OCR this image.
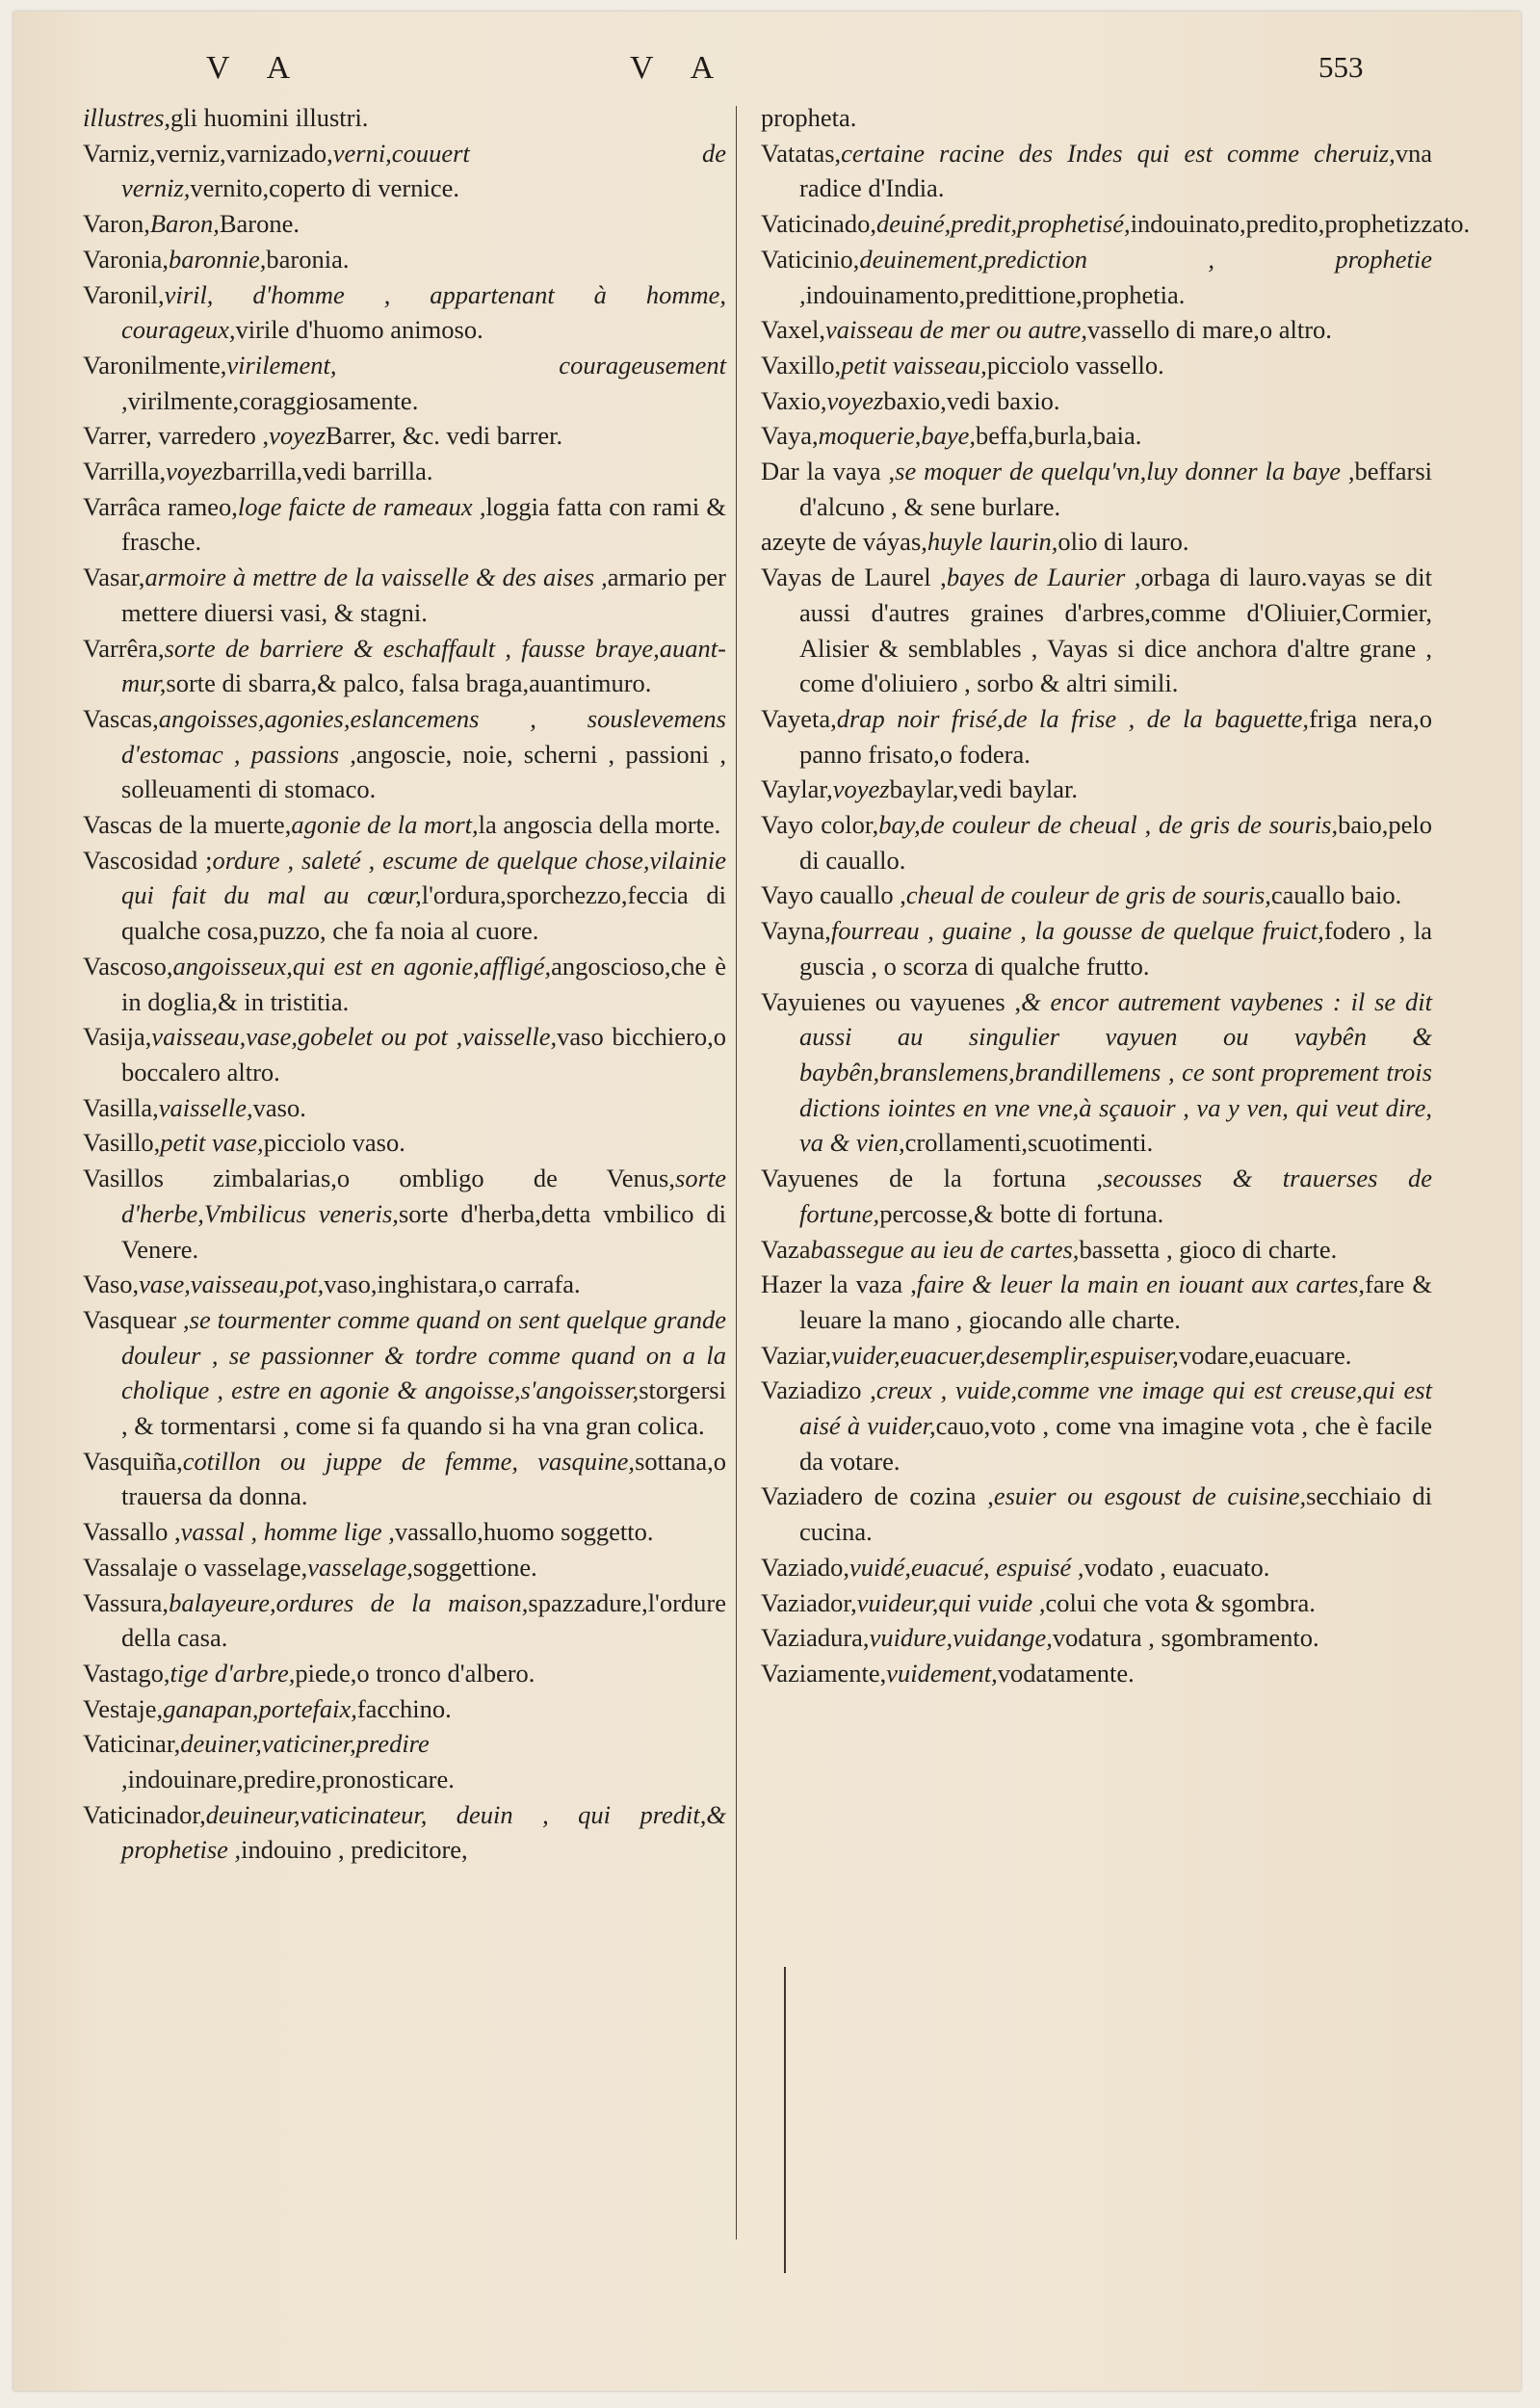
V A	V A	553

illustres,gli huomini illustri.

Varniz,verniz,varnizado,verni,couuert de verniz,vernito,coperto di vernice.

Varon,Baron,Barone.

Varonia,baronnie,baronia.

Varonil,viril, d'homme , appartenant à homme, courageux,virile d'huomo animoso.

Varonilmente,virilement, courageusement ,virilmente,coraggiosamente.

Varrer, varredero ,voyezBarrer, &c. vedi barrer.

Varrilla,voyezbarrilla,vedi barrilla.

Varrâca rameo,loge faicte de rameaux ,loggia fatta con rami & frasche.

Vasar,armoire à mettre de la vaisselle & des aises ,armario per mettere diuersi vasi, & stagni.

Varrêra,sorte de barriere & eschaffault , fausse braye,auant-mur,sorte di sbarra,& palco, falsa braga,auantimuro.

Vascas,angoisses,agonies,eslancemens , souslevemens d'estomac , passions ,angoscie, noie, scherni , passioni , solleuamenti di stomaco.

Vascas de la muerte,agonie de la mort,la angoscia della morte.

Vascosidad ;ordure , saleté , escume de quelque chose,vilainie qui fait du mal au cœur,l'ordura,sporchezzo,feccia di qualche cosa,puzzo, che fa noia al cuore.

Vascoso,angoisseux,qui est en agonie,affligé,angoscioso,che è in doglia,& in tristitia.

Vasija,vaisseau,vase,gobelet ou pot ,vaisselle,vaso bicchiero,o boccalero altro.

Vasilla,vaisselle,vaso.

Vasillo,petit vase,picciolo vaso.

Vasillos zimbalarias,o ombligo de Venus,sorte d'herbe,Vmbilicus veneris,sorte d'herba,detta vmbilico di Venere.

Vaso,vase,vaisseau,pot,vaso,inghistara,o carrafa.

Vasquear ,se tourmenter comme quand on sent quelque grande douleur , se passionner & tordre comme quand on a la cholique , estre en agonie & angoisse,s'angoisser,storgersi , & tormentarsi , come si fa quando si ha vna gran colica.

Vasquiña,cotillon ou juppe de femme, vasquine,sottana,o trauersa da donna.

Vassallo ,vassal , homme lige ,vassallo,huomo soggetto.

Vassalaje o vasselage,vasselage,soggettione.

Vassura,balayeure,ordures de la maison,spazzadure,l'ordure della casa.

Vastago,tige d'arbre,piede,o tronco d'albero.

Vestaje,ganapan,portefaix,facchino.

Vaticinar,deuiner,vaticiner,predire ,indouinare,predire,pronosticare.

Vaticinador,deuineur,vaticinateur, deuin , qui predit,& prophetise ,indouino , predicitore,

propheta.

Vatatas,certaine racine des Indes qui est comme cheruiz,vna radice d'India.

Vaticinado,deuiné,predit,prophetisé,indouinato,predito,prophetizzato.

Vaticinio,deuinement,prediction , prophetie ,indouinamento,predittione,prophetia.

Vaxel,vaisseau de mer ou autre,vassello di mare,o altro.

Vaxillo,petit vaisseau,picciolo vassello.

Vaxio,voyezbaxio,vedi baxio.

Vaya,moquerie,baye,beffa,burla,baia.

Dar la vaya ,se moquer de quelqu'vn,luy donner la baye ,beffarsi d'alcuno , & sene burlare.

azeyte de váyas,huyle laurin,olio di lauro.

Vayas de Laurel ,bayes de Laurier ,orbaga di lauro.vayas se dit aussi d'autres graines d'arbres,comme d'Oliuier,Cormier, Alisier & semblables , Vayas si dice anchora d'altre grane , come d'oliuiero , sorbo & altri simili.

Vayeta,drap noir frisé,de la frise , de la baguette,friga nera,o panno frisato,o fodera.

Vaylar,voyezbaylar,vedi baylar.

Vayo color,bay,de couleur de cheual , de gris de souris,baio,pelo di cauallo.

Vayo cauallo ,cheual de couleur de gris de souris,cauallo baio.

Vayna,fourreau , guaine , la gousse de quelque fruict,fodero , la guscia , o scorza di qualche frutto.

Vayuienes ou vayuenes ,& encor autrement vaybenes : il se dit aussi au singulier vayuen ou vaybên & baybên,branslemens,brandillemens , ce sont proprement trois dictions iointes en vne vne,à sçauoir , va y ven, qui veut dire, va & vien,crollamenti,scuotimenti.

Vayuenes de la fortuna ,secousses & trauerses de fortune,percosse,& botte di fortuna.

Vazabassegue au ieu de cartes,bassetta , gioco di charte.

Hazer la vaza ,faire & leuer la main en iouant aux cartes,fare & leuare la mano , giocando alle charte.

Vaziar,vuider,euacuer,desemplir,espuiser,vodare,euacuare.

Vaziadizo ,creux , vuide,comme vne image qui est creuse,qui est aisé à vuider,cauo,voto , come vna imagine vota , che è facile da votare.

Vaziadero de cozina ,esuier ou esgoust de cuisine,secchiaio di cucina.

Vaziado,vuidé,euacué, espuisé ,vodato , euacuato.

Vaziador,vuideur,qui vuide ,colui che vota & sgombra.

Vaziadura,vuidure,vuidange,vodatura , sgombramento.

Vaziamente,vuidement,vodatamente.
